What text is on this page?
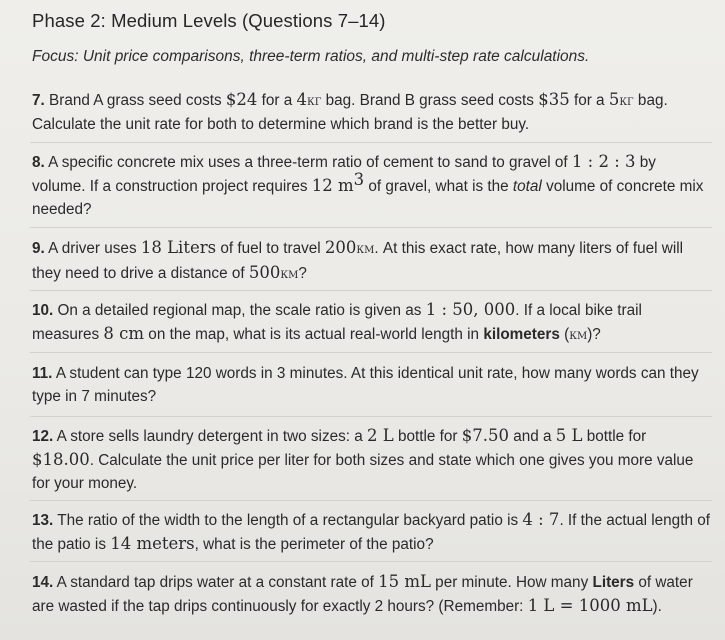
Phase 2: Medium Levels (Questions 7–14)
Focus: Unit price comparisons, three-term ratios, and multi-step rate calculations.
7. Brand A grass seed costs $24 for a 4кг bag. Brand B grass seed costs $35 for a 5кг bag. Calculate the unit rate for both to determine which brand is the better buy.
8. A specific concrete mix uses a three-term ratio of cement to sand to gravel of 1 : 2 : 3 by volume. If a construction project requires 12 $m^3$ of gravel, what is the total volume of concrete mix needed?
9. A driver uses 18 Liters of fuel to travel 200км. At this exact rate, how many liters of fuel will they need to drive a distance of 500км?
10. On a detailed regional map, the scale ratio is given as 1 : 50, 000. If a local bike trail measures 8 cm on the map, what is its actual real-world length in kilometers (км)?
11. A student can type 120 words in 3 minutes. At this identical unit rate, how many words can they type in 7 minutes?
12. A store sells laundry detergent in two sizes: a 2 L bottle for $7.50 and a 5 L bottle for $18.00. Calculate the unit price per liter for both sizes and state which one gives you more value for your money.
13. The ratio of the width to the length of a rectangular backyard patio is 4 : 7. If the actual length of the patio is 14 meters, what is the perimeter of the patio?
14. A standard tap drips water at a constant rate of 15 mL per minute. How many Liters of water are wasted if the tap drips continuously for exactly 2 hours? (Remember: 1 L = 1000 mL).
